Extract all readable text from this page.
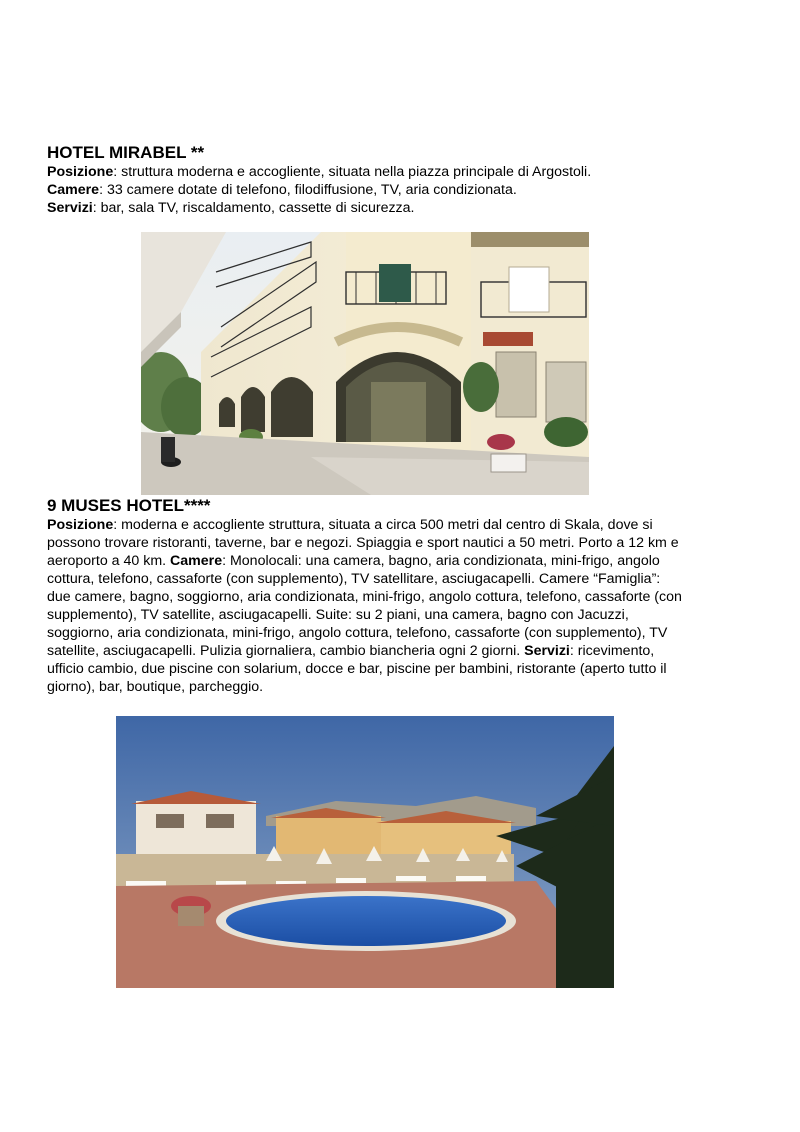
HOTEL MIRABEL **

Posizione: struttura moderna e accogliente, situata nella piazza principale di Argostoli.
Camere: 33 camere dotate di telefono, filodiffusione, TV, aria condizionata.
Servizi: bar, sala TV, riscaldamento, cassette di sicurezza.

9 MUSES HOTEL****

Posizione: moderna e accogliente struttura, situata a circa 500 metri dal centro di Skala, dove si possono trovare ristoranti, taverne, bar e negozi. Spiaggia e sport nautici a 50 metri. Porto a 12 km e aeroporto a 40 km. Camere: Monolocali: una camera, bagno, aria condizionata, mini-frigo, angolo cottura, telefono, cassaforte (con supplemento), TV satellitare, asciugacapelli. Camere “Famiglia”: due camere, bagno, soggiorno, aria condizionata, mini-frigo, angolo cottura, telefono, cassaforte (con supplemento), TV satellite, asciugacapelli. Suite: su 2 piani, una camera, bagno con Jacuzzi, soggiorno, aria condizionata, mini-frigo, angolo cottura, telefono, cassaforte (con supplemento), TV satellite, asciugacapelli. Pulizia giornaliera, cambio biancheria ogni 2 giorni. Servizi: ricevimento, ufficio cambio, due piscine con solarium, docce e bar, piscine per bambini, ristorante (aperto tutto il giorno), bar, boutique, parcheggio.
